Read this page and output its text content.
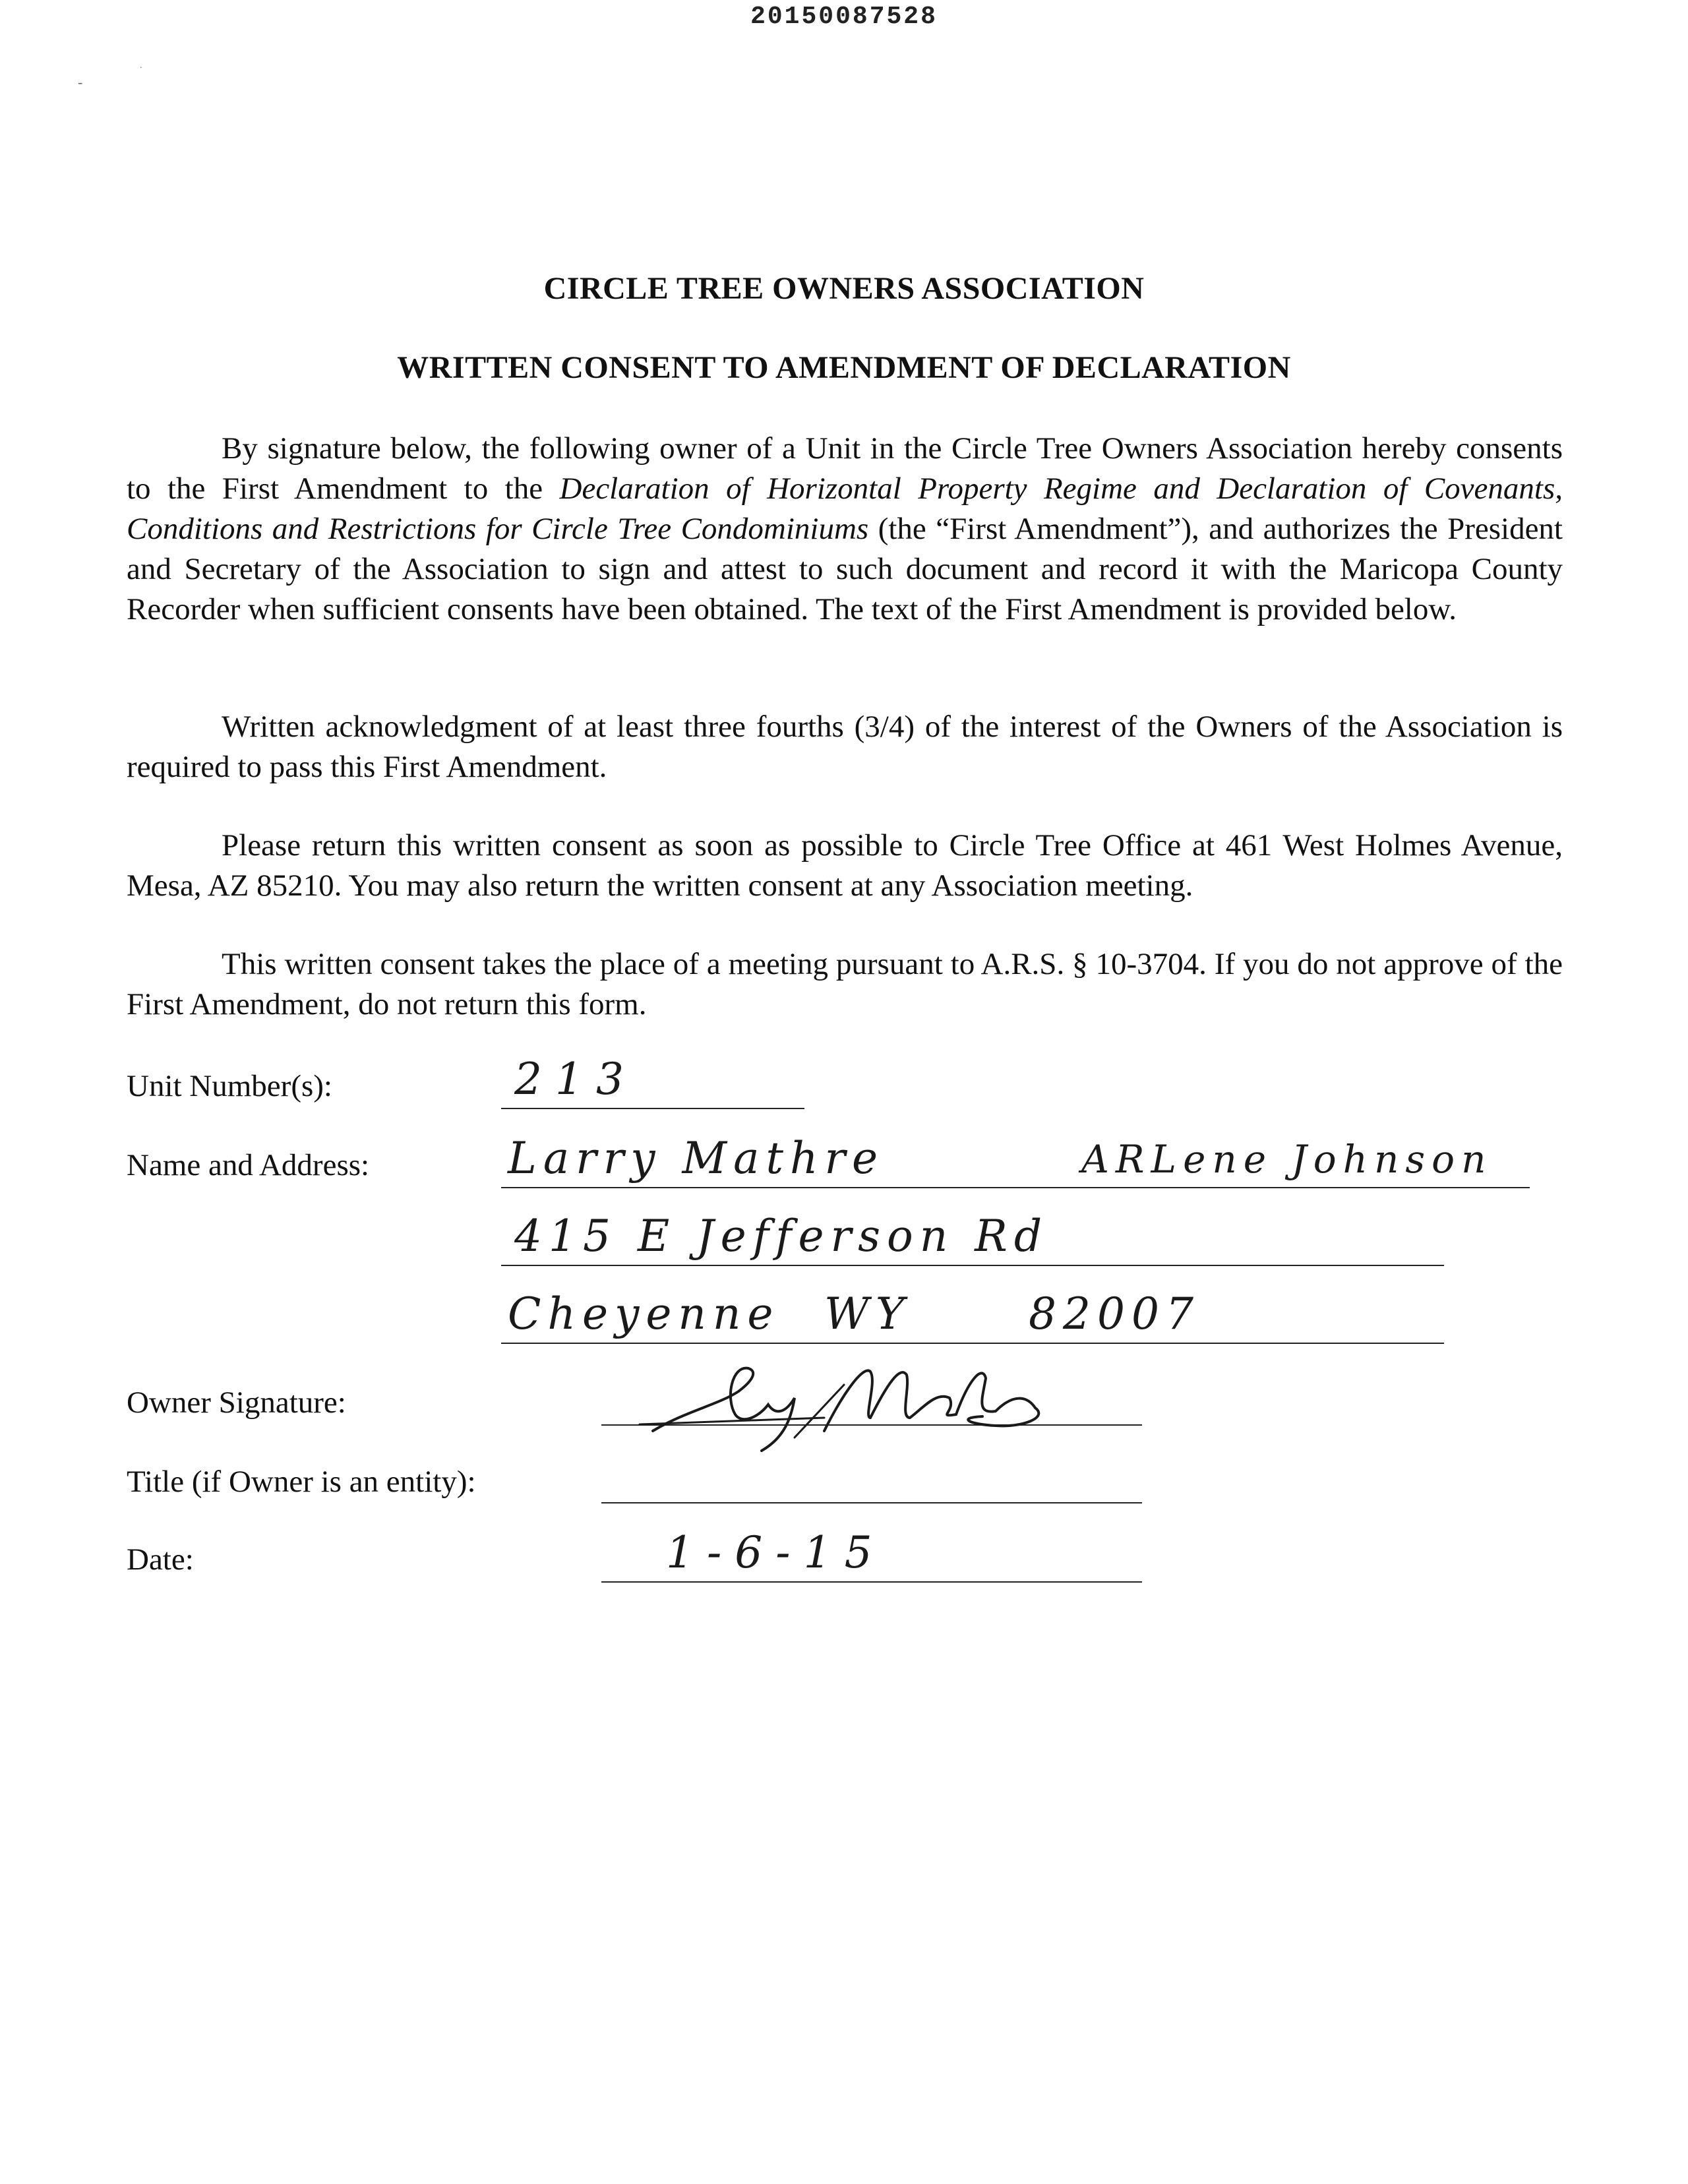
20150087528
-
.
CIRCLE TREE OWNERS ASSOCIATION
WRITTEN CONSENT TO AMENDMENT OF DECLARATION

By signature below, the following owner of a Unit in the Circle Tree Owners Association hereby consents to the First Amendment to the Declaration of Horizontal Property Regime and Declaration of Covenants, Conditions and Restrictions for Circle Tree Condominiums (the “First Amendment”), and authorizes the President and Secretary of the Association to sign and attest to such document and record it with the Maricopa County Recorder when sufficient consents have been obtained. The text of the First Amendment is provided below.

Written acknowledgment of at least three fourths (3/4) of the interest of the Owners of the Association is required to pass this First Amendment.

Please return this written consent as soon as possible to Circle Tree Office at 461 West Holmes Avenue, Mesa, AZ 85210. You may also return the written consent at any Association meeting.

This written consent takes the place of a meeting pursuant to A.R.S. § 10-3704. If you do not approve of the First Amendment, do not return this form.

Unit Number(s):	213
Name and Address:	Larry Mathre	ARLene Johnson
415 E Jefferson Rd
Cheyenne WY	82007
Owner Signature:
Title (if Owner is an entity):
Date:	1-6-15
